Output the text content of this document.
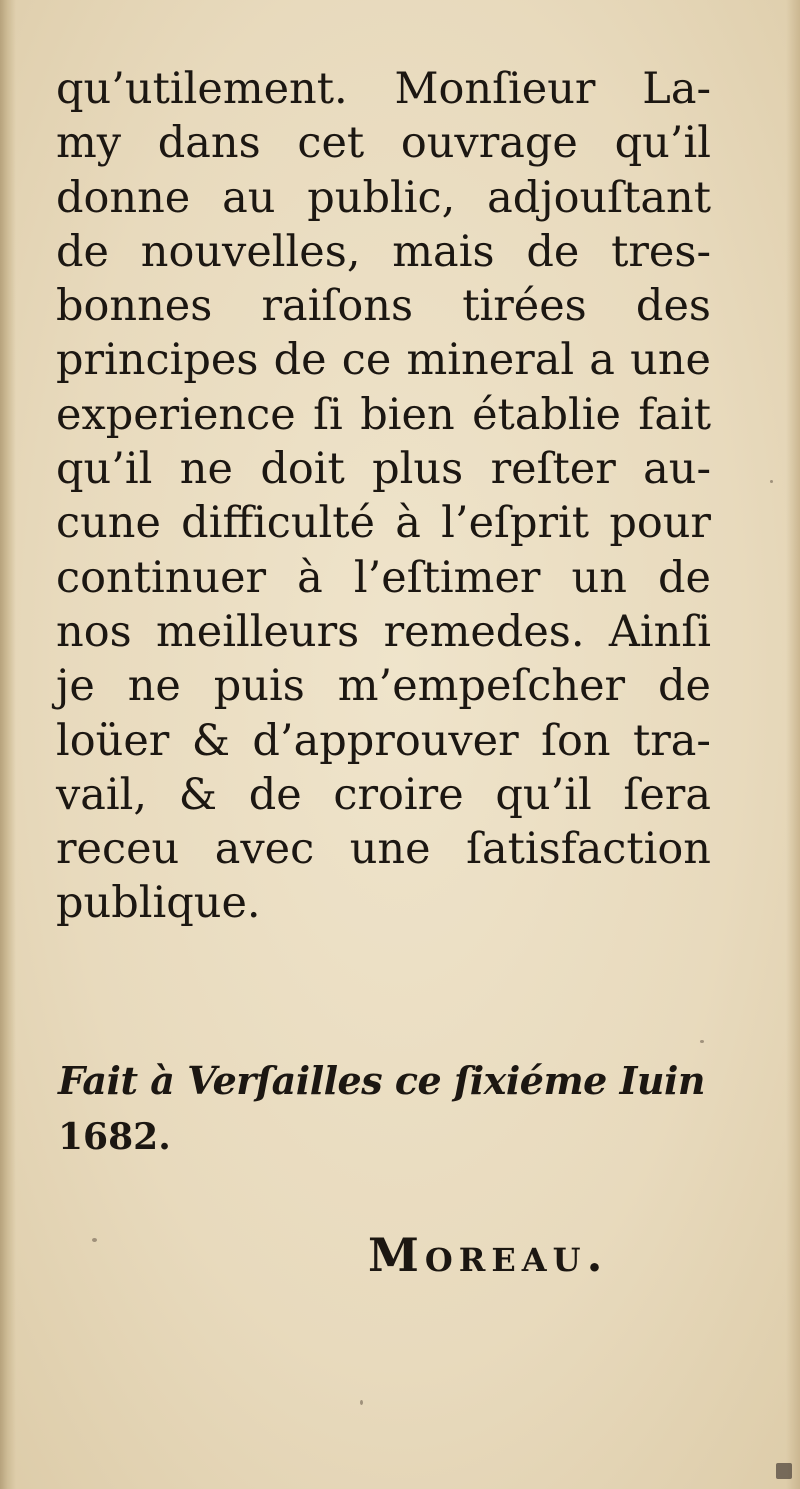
qu’utilement. Monſieur La-
my dans cet ouvrage qu’il
donne au public, adjouſtant
de nouvelles, mais de tres-
bonnes raiſons tirées des
principes de ce mineral a une
experience ſi bien établie fait
qu’il ne doit plus reſter au-
cune difficulté à l’eſprit pour
continuer à l’eſtimer un de
nos meilleurs remedes. Ainſi
je ne puis m’empeſcher de
loüer & d’approuver ſon tra-
vail, & de croire qu’il ſera
receu avec une ſatisfaction
publique.
Fait à Verſailles ce ſixiéme Iuin
1682.
Moreau.
